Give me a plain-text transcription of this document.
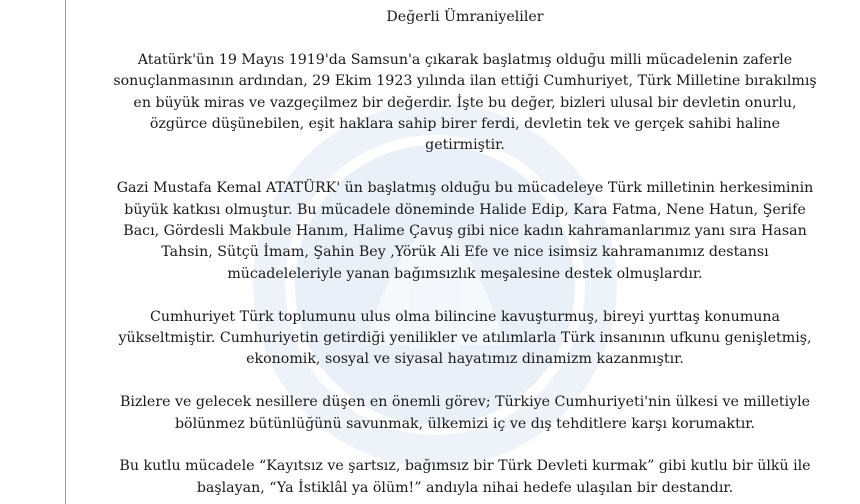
Değerli Ümraniyeliler

Atatürk'ün 19 Mayıs 1919'da Samsun'a çıkarak başlatmış olduğu milli mücadelenin zaferle
sonuçlanmasının ardından, 29 Ekim 1923 yılında ilan ettiği Cumhuriyet, Türk Milletine bırakılmış
en büyük miras ve vazgeçilmez bir değerdir. İşte bu değer, bizleri ulusal bir devletin onurlu,
özgürce düşünebilen, eşit haklara sahip birer ferdi, devletin tek ve gerçek sahibi haline
getirmiştir.
Gazi Mustafa Kemal ATATÜRK' ün başlatmış olduğu bu mücadeleye Türk milletinin herkesiminin
büyük katkısı olmuştur. Bu mücadele döneminde Halide Edip, Kara Fatma, Nene Hatun, Şerife
Bacı, Gördesli Makbule Hanım, Halime Çavuş gibi nice kadın kahramanlarımız yanı sıra Hasan
Tahsin, Sütçü İmam, Şahin Bey ,Yörük Ali Efe ve nice isimsiz kahramanımız destansı
mücadeleleriyle yanan bağımsızlık meşalesine destek olmuşlardır.
Cumhuriyet Türk toplumunu ulus olma bilincine kavuşturmuş, bireyi yurttaş konumuna
yükseltmiştir. Cumhuriyetin getirdiği yenilikler ve atılımlarla Türk insanının ufkunu genişletmiş,
ekonomik, sosyal ve siyasal hayatımız dinamizm kazanmıştır.
Bizlere ve gelecek nesillere düşen en önemli görev; Türkiye Cumhuriyeti'nin ülkesi ve milletiyle
bölünmez bütünlüğünü savunmak, ülkemizi iç ve dış tehditlere karşı korumaktır.
Bu kutlu mücadele “Kayıtsız ve şartsız, bağımsız bir Türk Devleti kurmak” gibi kutlu bir ülkü ile
başlayan, “Ya İstiklâl ya ölüm!” andıyla nihai hedefe ulaşılan bir destandır.
